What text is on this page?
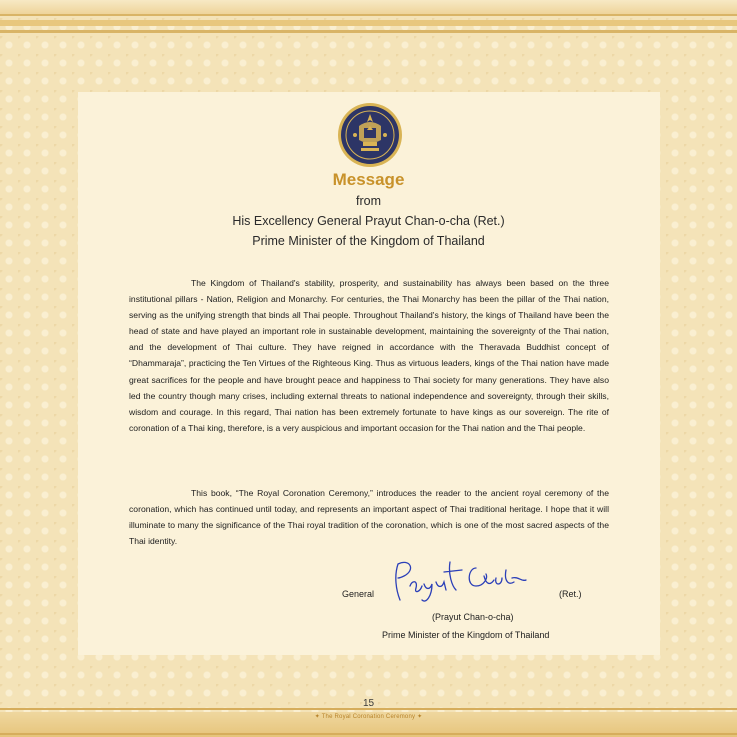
Message
from
His Excellency General Prayut Chan-o-cha (Ret.)
Prime Minister of the Kingdom of Thailand

The Kingdom of Thailand's stability, prosperity, and sustainability has always been based on the three institutional pillars - Nation, Religion and Monarchy. For centuries, the Thai Monarchy has been the pillar of the Thai nation, serving as the unifying strength that binds all Thai people. Throughout Thailand's history, the kings of Thailand have been the head of state and have played an important role in sustainable development, maintaining the sovereignty of the Thai nation, and the development of Thai culture. They have reigned in accordance with the Theravada Buddhist concept of “Dhammaraja”, practicing the Ten Virtues of the Righteous King. Thus as virtuous leaders, kings of the Thai nation have made great sacrifices for the people and have brought peace and happiness to Thai society for many generations. They have also led the country though many crises, including external threats to national independence and sovereignty, through their skills, wisdom and courage. In this regard, Thai nation has been extremely fortunate to have kings as our sovereign. The rite of coronation of a Thai king, therefore, is a very auspicious and important occasion for the Thai nation and the Thai people.

This book, “The Royal Coronation Ceremony,” introduces the reader to the ancient royal ceremony of the coronation, which has continued until today, and represents an important aspect of Thai traditional heritage. I hope that it will illuminate to many the significance of the Thai royal tradition of the coronation, which is one of the most sacred aspects of the Thai identity.

General	(Ret.)
(Prayut Chan-o-cha)
Prime Minister of the Kingdom of Thailand
15
✦ The Royal Coronation Ceremony ✦
